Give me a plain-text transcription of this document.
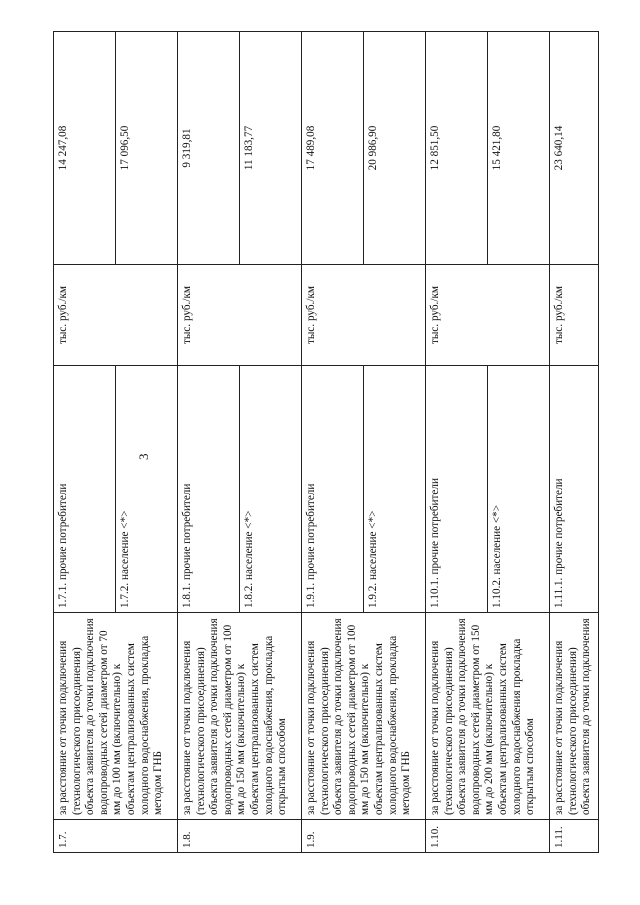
3
1.7.	за расстояние от точки подключения (технологического присоединения) объекта заявителя до точки подключения водопроводных сетей диаметром от 70 мм до 100 мм (включительно) к объектам централизованных систем холодного водоснабжения, прокладка методом ГНБ	1.7.1. прочие потребители	тыс. руб./км	14 247,08
		1.7.2. население <*>		17 096,50
1.8.	за расстояние от точки подключения (технологического присоединения) объекта заявителя до точки подключения водопроводных сетей диаметром от 100 мм до 150 мм (включительно) к объектам централизованных систем холодного водоснабжения, прокладка открытым способом	1.8.1. прочие потребители	тыс. руб./км	9 319,81
		1.8.2. население <*>		11 183,77
1.9.	за расстояние от точки подключения (технологического присоединения) объекта заявителя до точки подключения водопроводных сетей диаметром от 100 мм до 150 мм (включительно) к объектам централизованных систем холодного водоснабжения, прокладка методом ГНБ	1.9.1. прочие потребители	тыс. руб./км	17 489,08
		1.9.2. население <*>		20 986,90
1.10.	за расстояние от точки подключения (технологического присоединения) объекта заявителя до точки подключения водопроводных сетей диаметром от 150 мм до 200 мм (включительно) к объектам централизованных систем холодного водоснабжения прокладка открытым способом	1.10.1. прочие потребители	тыс. руб./км	12 851,50
		1.10.2. население <*>		15 421,80
1.11.	за расстояние от точки подключения (технологического присоединения) объекта заявителя до точки подключения	1.11.1. прочие потребители	тыс. руб./км	23 640,14
